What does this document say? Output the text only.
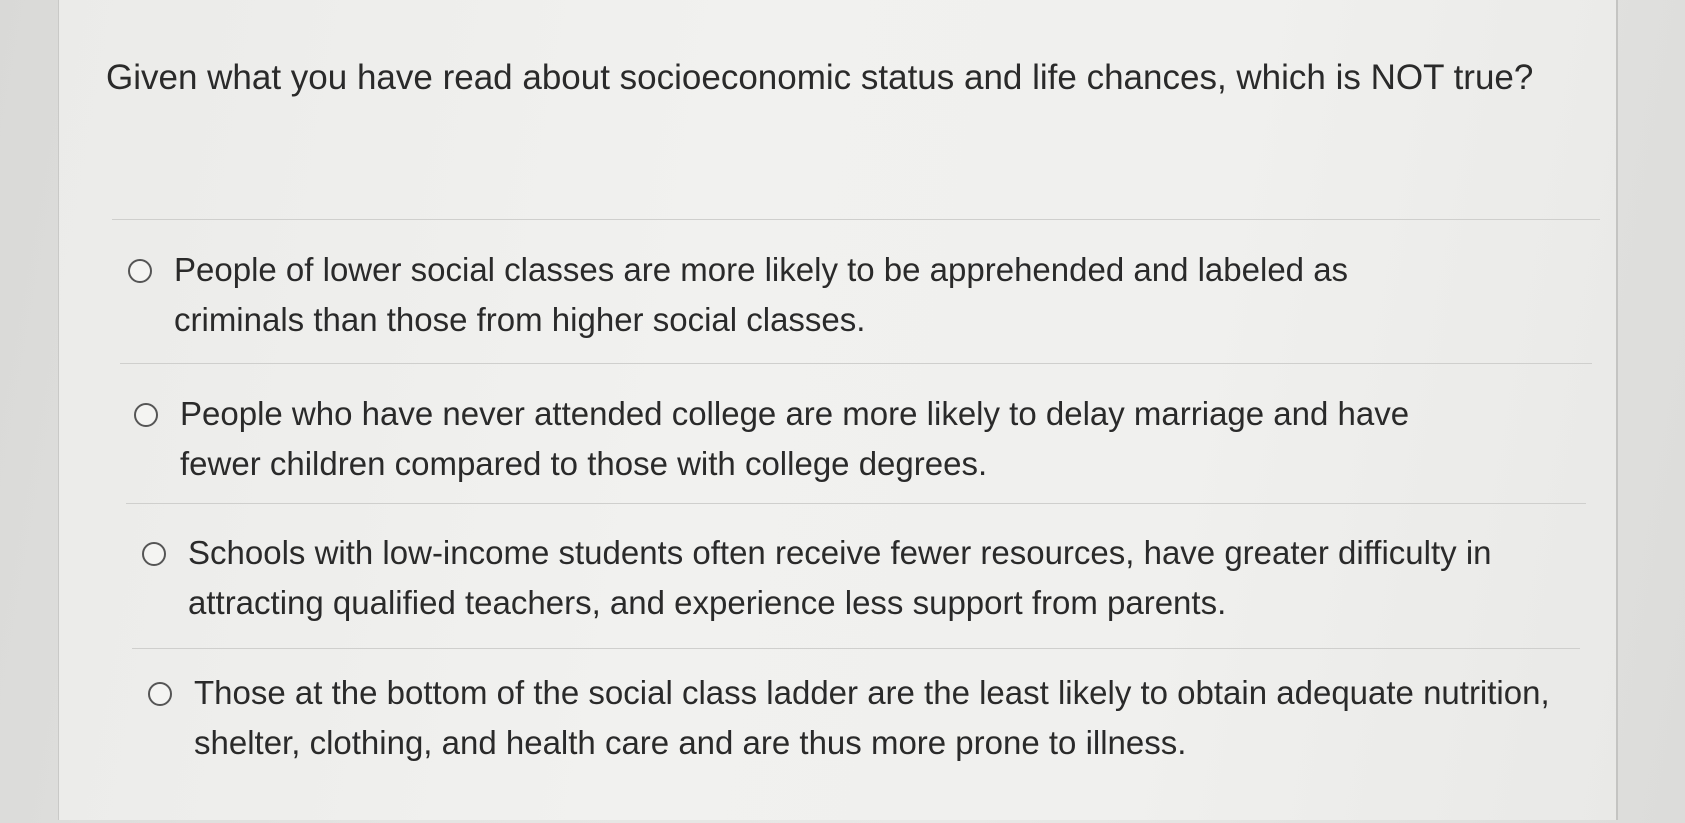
Given what you have read about socioeconomic status and life chances, which is NOT true?
People of lower social classes are more likely to be apprehended and labeled as criminals than those from higher social classes.
People who have never attended college are more likely to delay marriage and have fewer children compared to those with college degrees.
Schools with low-income students often receive fewer resources, have greater difficulty in attracting qualified teachers, and experience less support from parents.
Those at the bottom of the social class ladder are the least likely to obtain adequate nutrition, shelter, clothing, and health care and are thus more prone to illness.
